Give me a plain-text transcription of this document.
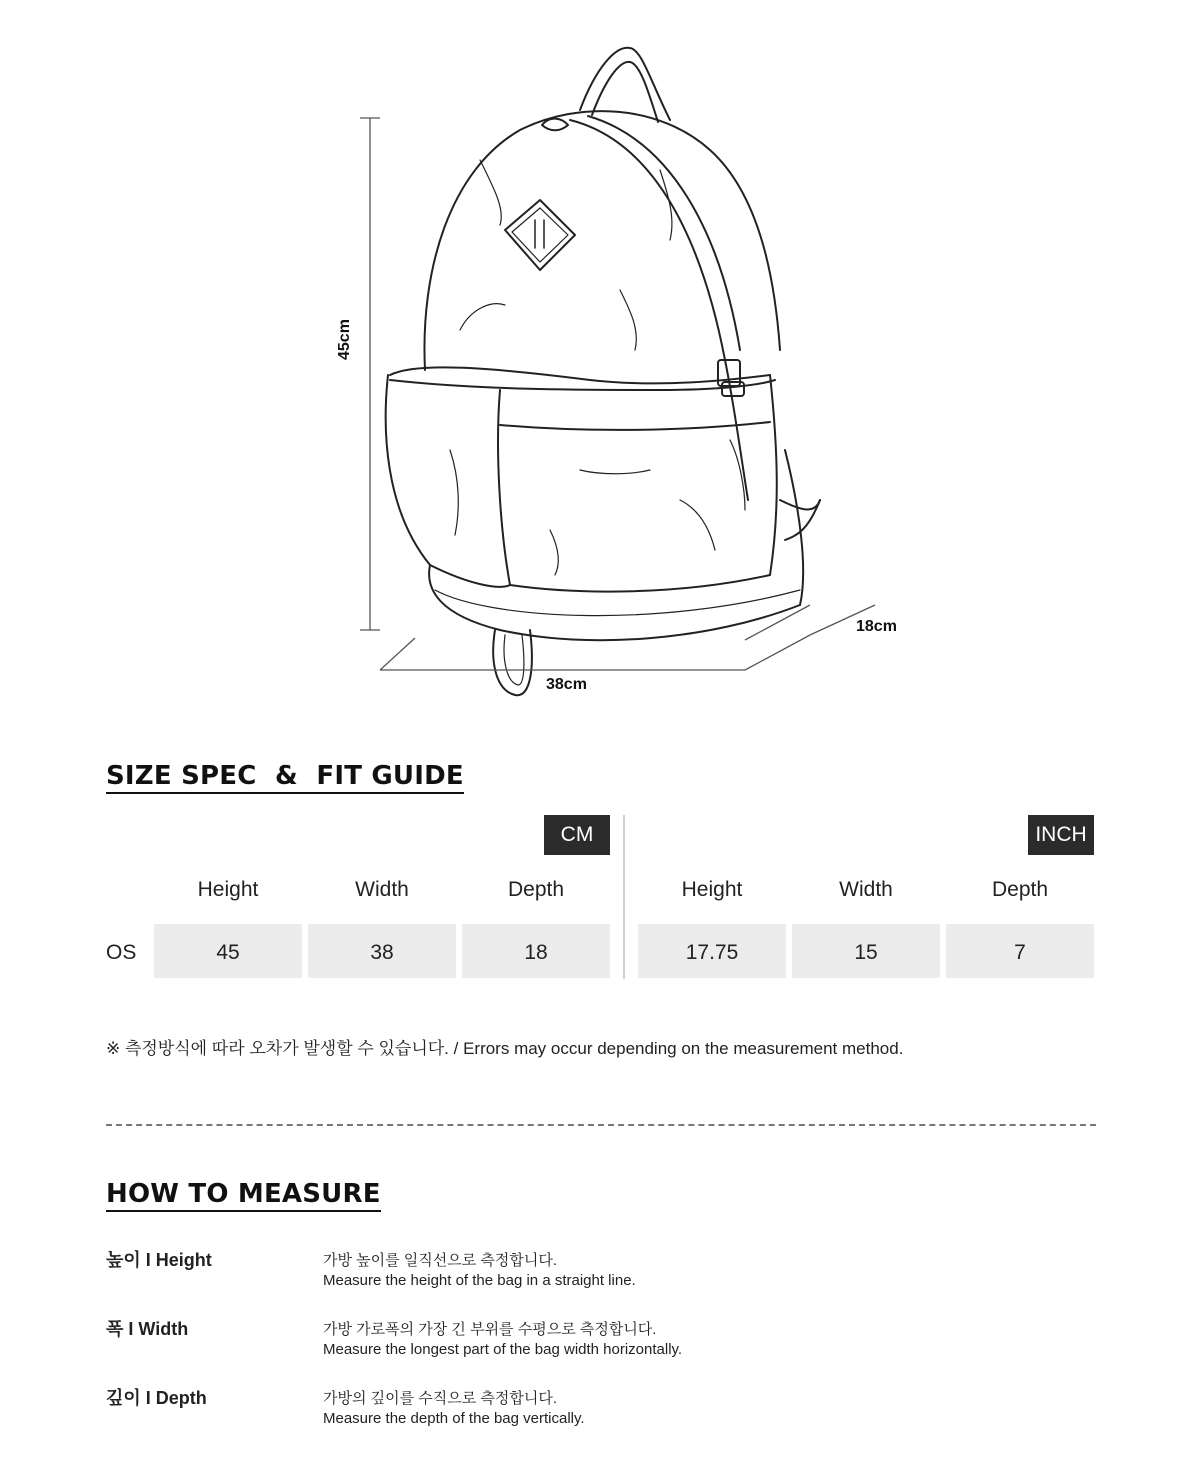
45cm
38cm
18cm
SIZE SPEC  &  FIT GUIDE
CM	INCH
Height	Width	Depth	Height	Width	Depth
OS	45	38	18	17.75	15	7
※ 측정방식에 따라 오차가 발생할 수 있습니다. / Errors may occur depending on the measurement method.
HOW TO MEASURE
높이 I Height	가방 높이를 일직선으로 측정합니다.
Measure the height of the bag in a straight line.
폭 I Width	가방 가로폭의 가장 긴 부위를 수평으로 측정합니다.
Measure the longest part of the bag width horizontally.
깊이 I Depth	가방의 깊이를 수직으로 측정합니다.
Measure the depth of the bag vertically.
